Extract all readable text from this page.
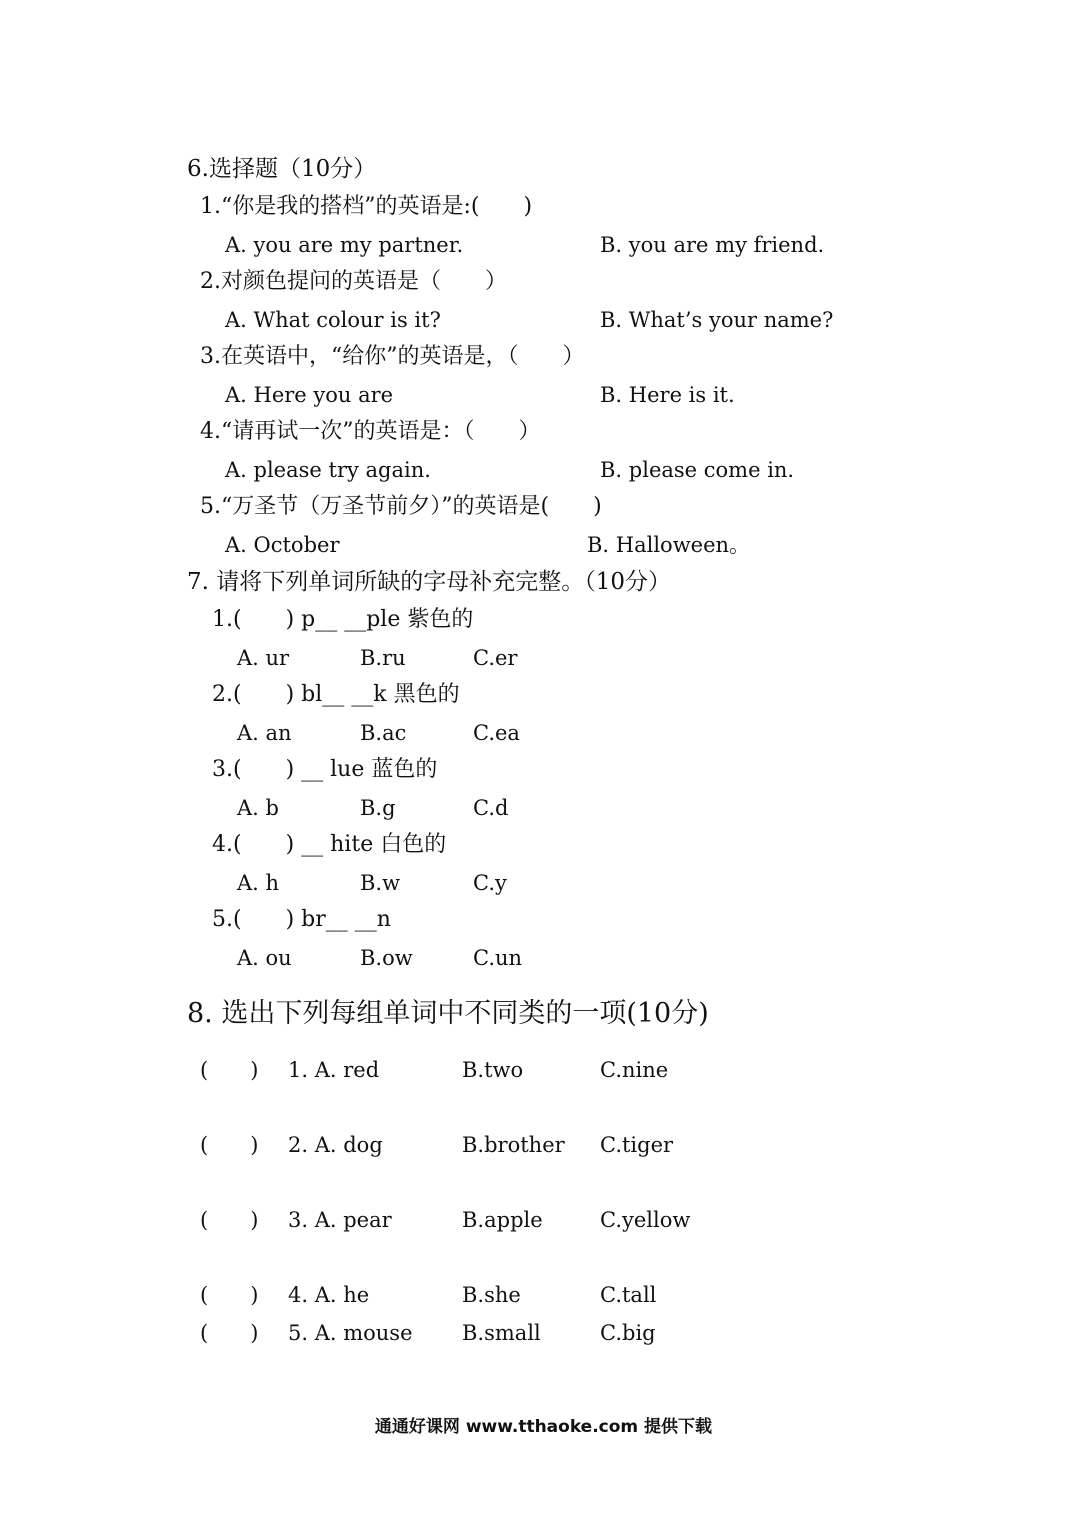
6.选择题（10分）
1.“你是我的搭档”的英语是:(　　)
A. you are my partner.	B. you are my friend.
2.对颜色提问的英语是（　　）
A. What colour is it?	B. What’s your name?
3.在英语中，“给你”的英语是，（　　）
A. Here you are	B. Here is it.
4.“请再试一次”的英语是：（　　）
A. please try again.	B. please come in.
5.“万圣节（万圣节前夕）”的英语是(　　)
A. October	B. Halloween。
7. 请将下列单词所缺的字母补充完整。（10分）
1.(　　) p__ __ple 紫色的
A. ur	B.ru	C.er
2.(　　) bl__ __k 黑色的
A. an	B.ac	C.ea
3.(　　) __ lue 蓝色的
A. b	B.g	C.d
4.(　　) __ hite 白色的
A. h	B.w	C.y
5.(　　) br__ __n
A. ou	B.ow	C.un
8. 选出下列每组单词中不同类的一项(10分)
(　　) 1. A. red	B.two	C.nine
(　　) 2. A. dog	B.brother C.tiger
(　　) 3. A. pear	B.apple	C.yellow
(　　) 4. A. he	B.she	C.tall
(　　) 5. A. mouse B.small	C.big
通通好课网 www.tthaoke.com 提供下载
